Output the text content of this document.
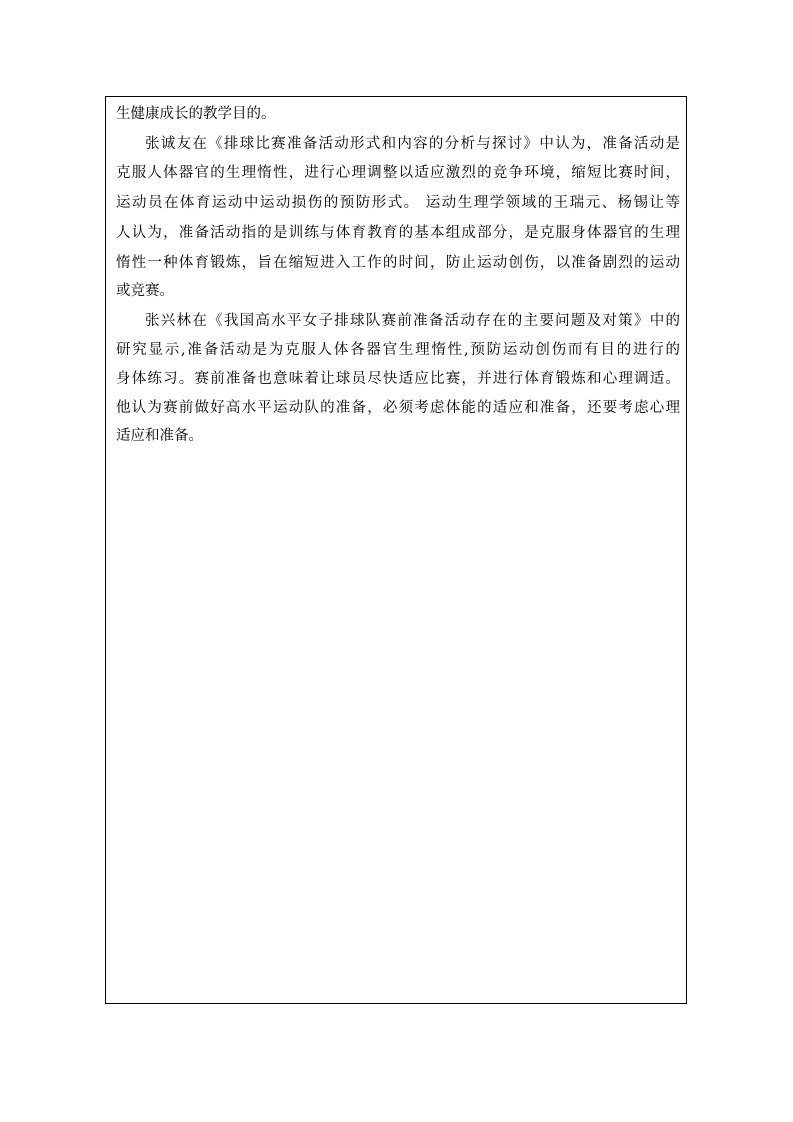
生健康成长的教学目的。
张诚友在《排球比赛准备活动形式和内容的分析与探讨》中认为，准备活动是
克服人体器官的生理惰性，进行心理调整以适应激烈的竞争环境，缩短比赛时间，
运动员在体育运动中运动损伤的预防形式。 运动生理学领域的王瑞元、杨锡让等
人认为，准备活动指的是训练与体育教育的基本组成部分，是克服身体器官的生理
惰性一种体育锻炼，旨在缩短进入工作的时间，防止运动创伤，以准备剧烈的运动
或竞赛。
张兴林在《我国高水平女子排球队赛前准备活动存在的主要问题及对策》中的
研究显示,准备活动是为克服人体各器官生理惰性,预防运动创伤而有目的进行的
身体练习。赛前准备也意味着让球员尽快适应比赛，并进行体育锻炼和心理调适。
他认为赛前做好高水平运动队的准备，必须考虑体能的适应和准备，还要考虑心理
适应和准备。
